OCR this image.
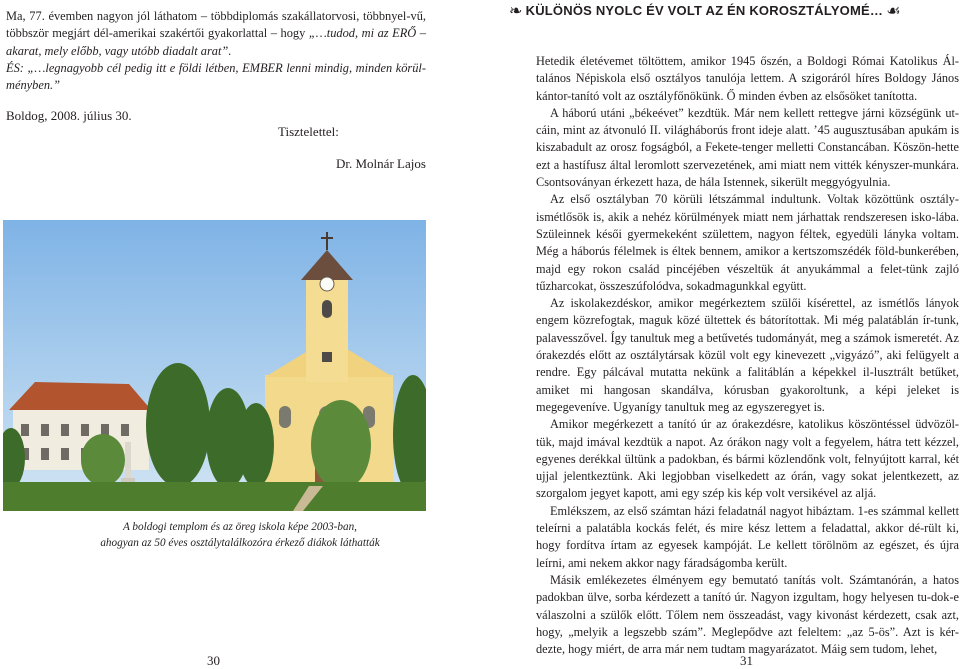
Ma, 77. évemben nagyon jól láthatom – többdiplomás szakállatorvosi, többnyel-vű, többször megjárt dél-amerikai szakértői gyakorlattal – hogy „…tudod, mi az ERŐ – akarat, mely előbb, vagy utóbb diadalt arat”.

ÉS: „…legnagyobb cél pedig itt e földi létben, EMBER lenni mindig, minden körül-ményben.”

Boldog, 2008. július 30.
Tisztelettel:
Dr. Molnár Lajos
A boldogi templom és az öreg iskola képe 2003-ban,
ahogyan az 50 éves osztálytalálkozóra érkező diákok láthatták
30
❧ KÜLÖNÖS NYOLC ÉV VOLT AZ ÉN KOROSZTÁLYOMÉ… ☙

Hetedik életévemet töltöttem, amikor 1945 őszén, a Boldogi Római Katolikus Ál-talános Népiskola első osztályos tanulója lettem. A szigoráról híres Boldogy János kántor-tanító volt az osztályfőnökünk. Ő minden évben az elsősöket tanította.

A háború utáni „békeévet” kezdtük. Már nem kellett rettegve járni községünk ut-cáin, mint az átvonuló II. világháborús front ideje alatt. ’45 augusztusában apukám is kiszabadult az orosz fogságból, a Fekete-tenger melletti Constancában. Köszön-hette ezt a hastífusz által leromlott szervezetének, ami miatt nem vitték kényszer-munkára. Csontsoványan érkezett haza, de hála Istennek, sikerült meggyógyulnia.

Az első osztályban 70 körüli létszámmal indultunk. Voltak közöttünk osztály-ismétlősök is, akik a nehéz körülmények miatt nem járhattak rendszeresen isko-lába. Szüleinnek késői gyermekeként születtem, nagyon féltek, egyedüli lányka voltam. Még a háborús félelmek is éltek bennem, amikor a kertszomszédék föld-bunkerében, majd egy rokon család pincéjében vészeltük át anyukámmal a felet-tünk zajló tűzharcokat, összeszúfolódva, sokadmagunkkal együtt.

Az iskolakezdéskor, amikor megérkeztem szülői kísérettel, az ismétlős lányok engem közrefogtak, maguk közé ültettek és bátorítottak. Mi még palatáblán ír-tunk, palavesszővel. Így tanultuk meg a betűvetés tudományát, meg a számok ismeretét. Az órakezdés előtt az osztálytársak közül volt egy kinevezett „vigyázó”, aki felügyelt a rendre. Egy pálcával mutatta nekünk a falitáblán a képekkel il-lusztrált betűket, amiket mi hangosan skandálva, kórusban gyakoroltunk, a képi jeleket is megegeveníve. Ugyanígy tanultuk meg az egyszeregyet is.

Amikor megérkezett a tanító úr az órakezdésre, katolikus köszöntéssel üdvözöl-tük, majd imával kezdtük a napot. Az órákon nagy volt a fegyelem, hátra tett kézzel, egyenes derékkal ültünk a padokban, és bármi közlendőnk volt, felnyújtott karral, két ujjal jelentkeztünk. Aki legjobban viselkedett az órán, vagy sokat jelentkezett, az szorgalom jegyet kapott, ami egy szép kis kép volt versikével az aljá.

Emlékszem, az első számtan házi feladatnál nagyot hibáztam. 1-es számmal kellett teleírni a palatábla kockás felét, és mire kész lettem a feladattal, akkor dé-rült ki, hogy fordítva írtam az egyesek kampóját. Le kellett törölnöm az egészet, és újra leírni, ami nekem akkor nagy fáradságomba került.

Másik emlékezetes élményem egy bemutató tanítás volt. Számtanórán, a hatos padokban ülve, sorba kérdezett a tanító úr. Nagyon izgultam, hogy helyesen tu-dok-e válaszolni a szülők előtt. Tőlem nem összeadást, vagy kivonást kérdezett, csak azt, hogy, „melyik a legszebb szám”. Meglepődve azt feleltem: „az 5-ös”. Azt is kér-dezte, hogy miért, de arra már nem tudtam magyarázatot. Máig sem tudom, lehet,

31
